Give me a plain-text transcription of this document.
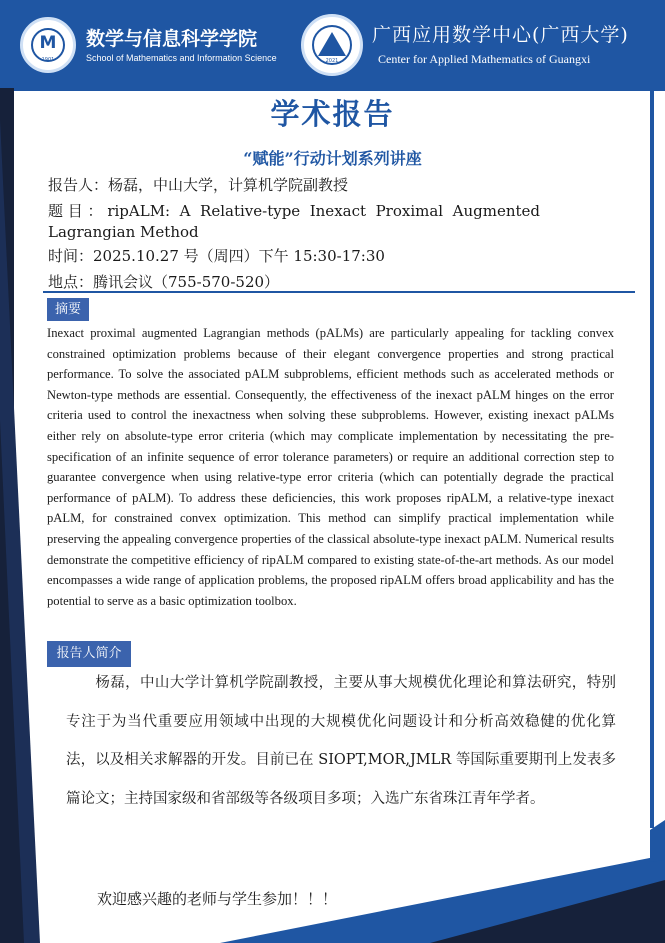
M
1901
数学与信息科学学院
School of Mathematics and Information Science	2021
广西应用数学中心(广西大学)
Center for Applied Mathematics of Guangxi
学术报告
“赋能”行动计划系列讲座
报告人：杨磊，中山大学，计算机学院副教授
题目：ripALM: A Relative-type Inexact Proximal Augmented Lagrangian Method
时间：2025.10.27 号（周四）下午 15:30-17:30
地点：腾讯会议（755-570-520）
摘要
Inexact proximal augmented Lagrangian methods (pALMs) are particularly appealing for tackling convex constrained optimization problems because of their elegant convergence properties and strong practical performance. To solve the associated pALM subproblems, efficient methods such as accelerated methods or Newton-type methods are essential. Consequently, the effectiveness of the inexact pALM hinges on the error criteria used to control the inexactness when solving these subproblems. However, existing inexact pALMs either rely on absolute-type error criteria (which may complicate implementation by necessitating the pre-specification of an infinite sequence of error tolerance parameters) or require an additional correction step to guarantee convergence when using relative-type error criteria (which can potentially degrade the practical performance of pALM). To address these deficiencies, this work proposes ripALM, a relative-type inexact pALM, for constrained convex optimization. This method can simplify practical implementation while preserving the appealing convergence properties of the classical absolute-type inexact pALM. Numerical results demonstrate the competitive efficiency of ripALM compared to existing state-of-the-art methods. As our model encompasses a wide range of application problems, the proposed ripALM offers broad applicability and has the potential to serve as a basic optimization toolbox.
报告人简介
杨磊，中山大学计算机学院副教授，主要从事大规模优化理论和算法研究，特别专注于为当代重要应用领域中出现的大规模优化问题设计和分析高效稳健的优化算法，以及相关求解器的开发。目前已在 SIOPT,MOR,JMLR 等国际重要期刊上发表多篇论文；主持国家级和省部级等各级项目多项；入选广东省珠江青年学者。
欢迎感兴趣的老师与学生参加！！！
